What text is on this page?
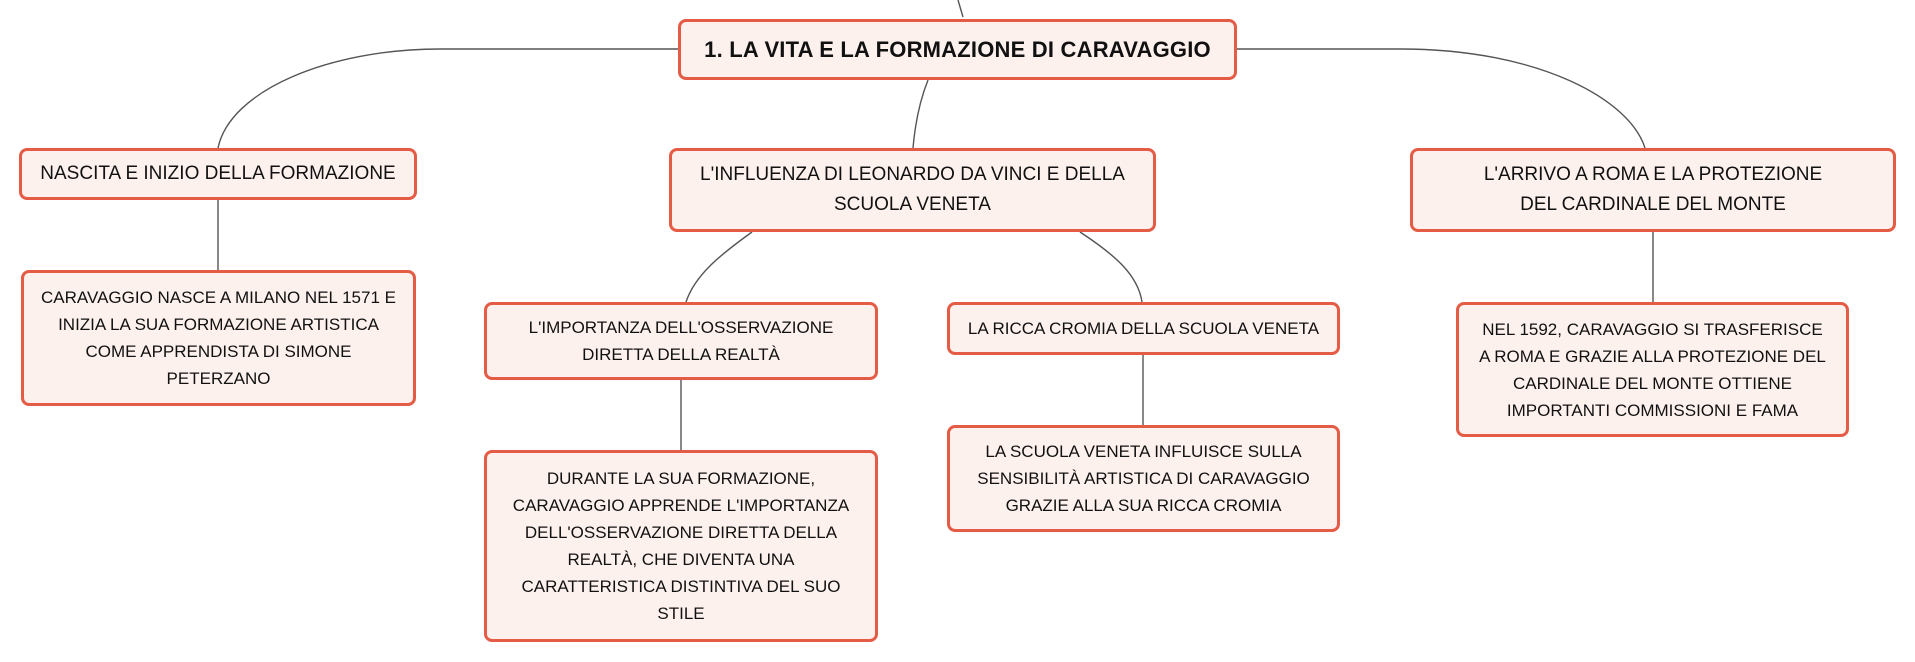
1. LA VITA E LA FORMAZIONE DI CARAVAGGIO
NASCITA E INIZIO DELLA FORMAZIONE	L'INFLUENZA DI LEONARDO DA VINCI E DELLA SCUOLA VENETA
L'ARRIVO A ROMA E LA PROTEZIONE DEL CARDINALE DEL MONTE
CARAVAGGIO NASCE A MILANO NEL 1571 E INIZIA LA SUA FORMAZIONE ARTISTICA COME APPRENDISTA DI SIMONE PETERZANO
L'IMPORTANZA DELL'OSSERVAZIONE DIRETTA DELLA REALTÀ
LA RICCA CROMIA DELLA SCUOLA VENETA
DURANTE LA SUA FORMAZIONE, CARAVAGGIO APPRENDE L'IMPORTANZA DELL'OSSERVAZIONE DIRETTA DELLA REALTÀ, CHE DIVENTA UNA CARATTERISTICA DISTINTIVA DEL SUO STILE
LA SCUOLA VENETA INFLUISCE SULLA SENSIBILITÀ ARTISTICA DI CARAVAGGIO GRAZIE ALLA SUA RICCA CROMIA
NEL 1592, CARAVAGGIO SI TRASFERISCE A ROMA E GRAZIE ALLA PROTEZIONE DEL CARDINALE DEL MONTE OTTIENE IMPORTANTI COMMISSIONI E FAMA
